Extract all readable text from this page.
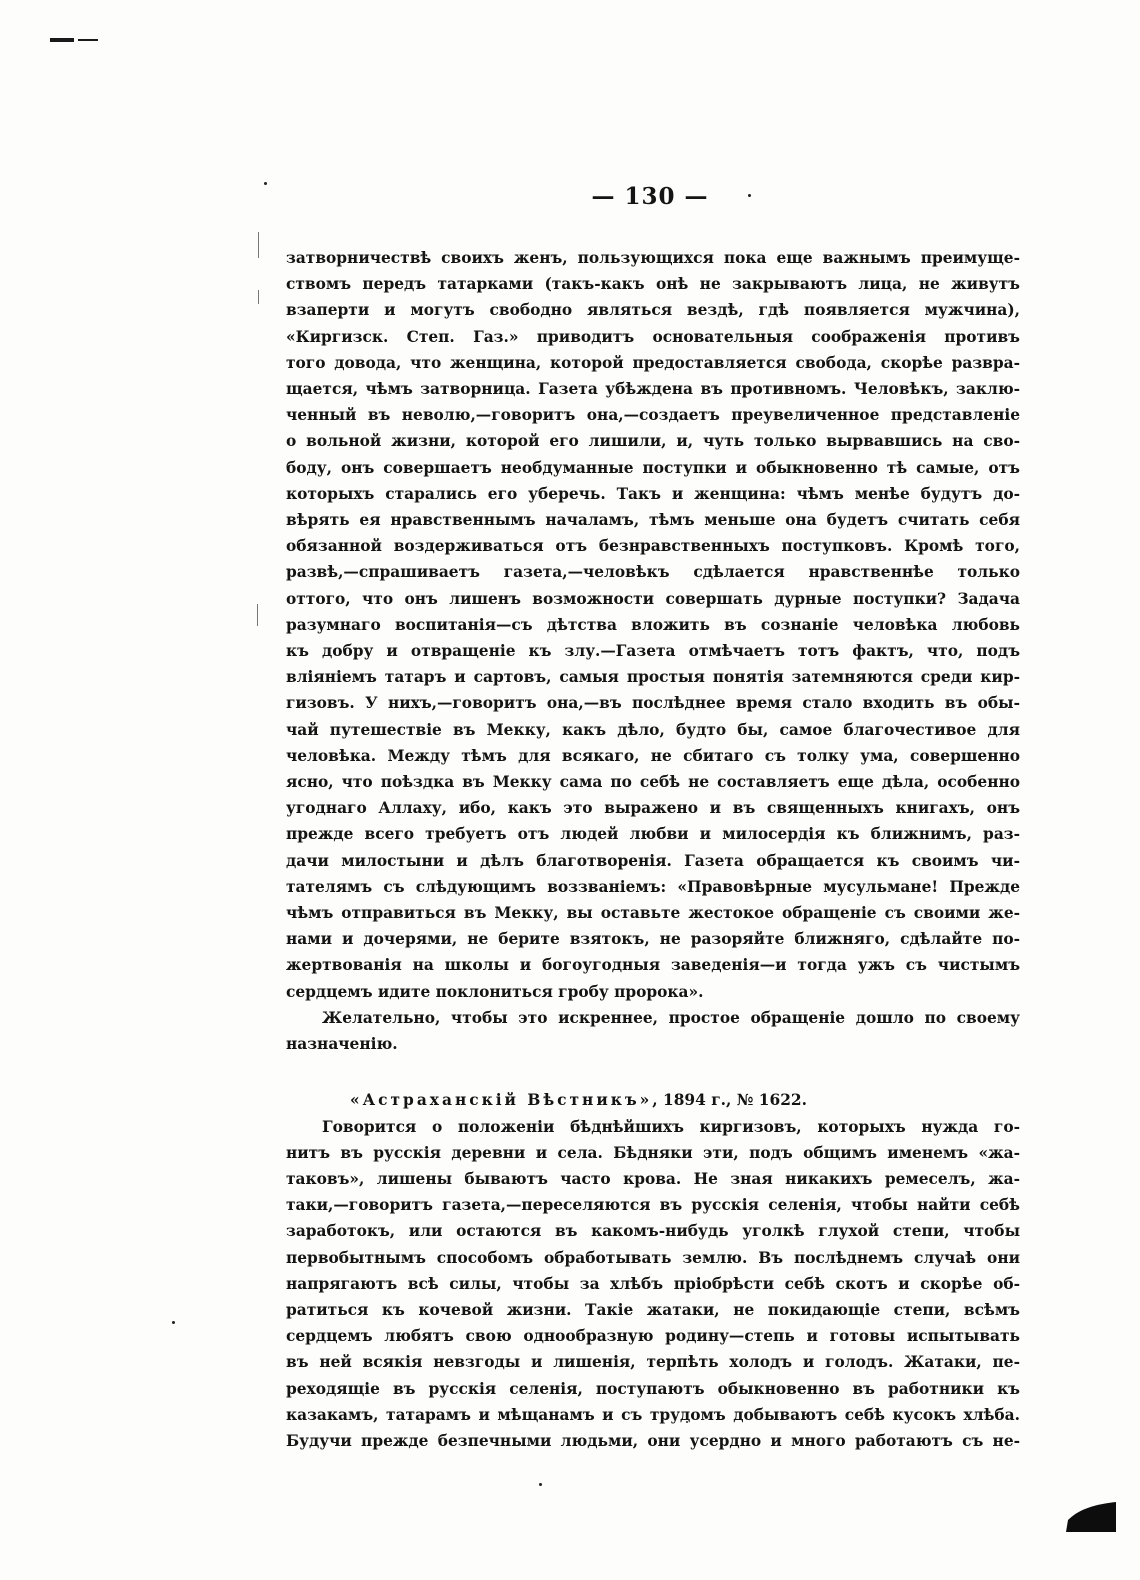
— 130 —

затворничествѣ своихъ женъ, пользующихся пока еще важнымъ преимуще-

ствомъ передъ татарками (такъ-какъ онѣ не закрываютъ лица, не живутъ

взаперти и могутъ свободно являться вездѣ, гдѣ появляется мужчина),

«Киргизск. Степ. Газ.» приводитъ основательныя соображенія противъ

того довода, что женщина, которой предоставляется свобода, скорѣе развра-

щается, чѣмъ затворница. Газета убѣждена въ противномъ. Человѣкъ, заклю-

ченный въ неволю,—говоритъ она,—создаетъ преувеличенное представленіе

о вольной жизни, которой его лишили, и, чуть только вырвавшись на сво-

боду, онъ совершаетъ необдуманные поступки и обыкновенно тѣ самые, отъ

которыхъ старались его уберечь. Такъ и женщина: чѣмъ менѣе будутъ до-

вѣрять ея нравственнымъ началамъ, тѣмъ меньше она будетъ считать себя

обязанной воздерживаться отъ безнравственныхъ поступковъ. Кромѣ того,

развѣ,—спрашиваетъ газета,—человѣкъ сдѣлается нравственнѣе только

оттого, что онъ лишенъ возможности совершать дурные поступки? Задача

разумнаго воспитанія—съ дѣтства вложить въ сознаніе человѣка любовь

къ добру и отвращеніе къ злу.—Газета отмѣчаетъ тотъ фактъ, что, подъ

вліяніемъ татаръ и сартовъ, самыя простыя понятія затемняются среди кир-

гизовъ. У нихъ,—говоритъ она,—въ послѣднее время стало входить въ обы-

чай путешествіе въ Мекку, какъ дѣло, будто бы, самое благочестивое для

человѣка. Между тѣмъ для всякаго, не сбитаго съ толку ума, совершенно

ясно, что поѣздка въ Мекку сама по себѣ не составляетъ еще дѣла, особенно

угоднаго Аллаху, ибо, какъ это выражено и въ священныхъ книгахъ, онъ

прежде всего требуетъ отъ людей любви и милосердія къ ближнимъ, раз-

дачи милостыни и дѣлъ благотворенія. Газета обращается къ своимъ чи-

тателямъ съ слѣдующимъ воззваніемъ: «Правовѣрные мусульмане! Прежде

чѣмъ отправиться въ Мекку, вы оставьте жестокое обращеніе съ своими же-

нами и дочерями, не берите взятокъ, не разоряйте ближняго, сдѣлайте по-

жертвованія на школы и богоугодныя заведенія—и тогда ужъ съ чистымъ

сердцемъ идите поклониться гробу пророка».

Желательно, чтобы это искреннее, простое обращеніе дошло по своему

назначенію.

«Астраханскій Вѣстникъ», 1894 г., № 1622.

Говорится о положеніи бѣднѣйшихъ киргизовъ, которыхъ нужда го-

нитъ въ русскія деревни и села. Бѣдняки эти, подъ общимъ именемъ «жа-

таковъ», лишены бываютъ часто крова. Не зная никакихъ ремеселъ, жа-

таки,—говоритъ газета,—переселяются въ русскія селенія, чтобы найти себѣ

заработокъ, или остаются въ какомъ-нибудь уголкѣ глухой степи, чтобы

первобытнымъ способомъ обработывать землю. Въ послѣднемъ случаѣ они

напрягаютъ всѣ силы, чтобы за хлѣбъ пріобрѣсти себѣ скотъ и скорѣе об-

ратиться къ кочевой жизни. Такіе жатаки, не покидающіе степи, всѣмъ

сердцемъ любятъ свою однообразную родину—степь и готовы испытывать

въ ней всякія невзгоды и лишенія, терпѣть холодъ и голодъ. Жатаки, пе-

реходящіе въ русскія селенія, поступаютъ обыкновенно въ работники къ

казакамъ, татарамъ и мѣщанамъ и съ трудомъ добываютъ себѣ кусокъ хлѣба.

Будучи прежде безпечными людьми, они усердно и много работаютъ съ не-
